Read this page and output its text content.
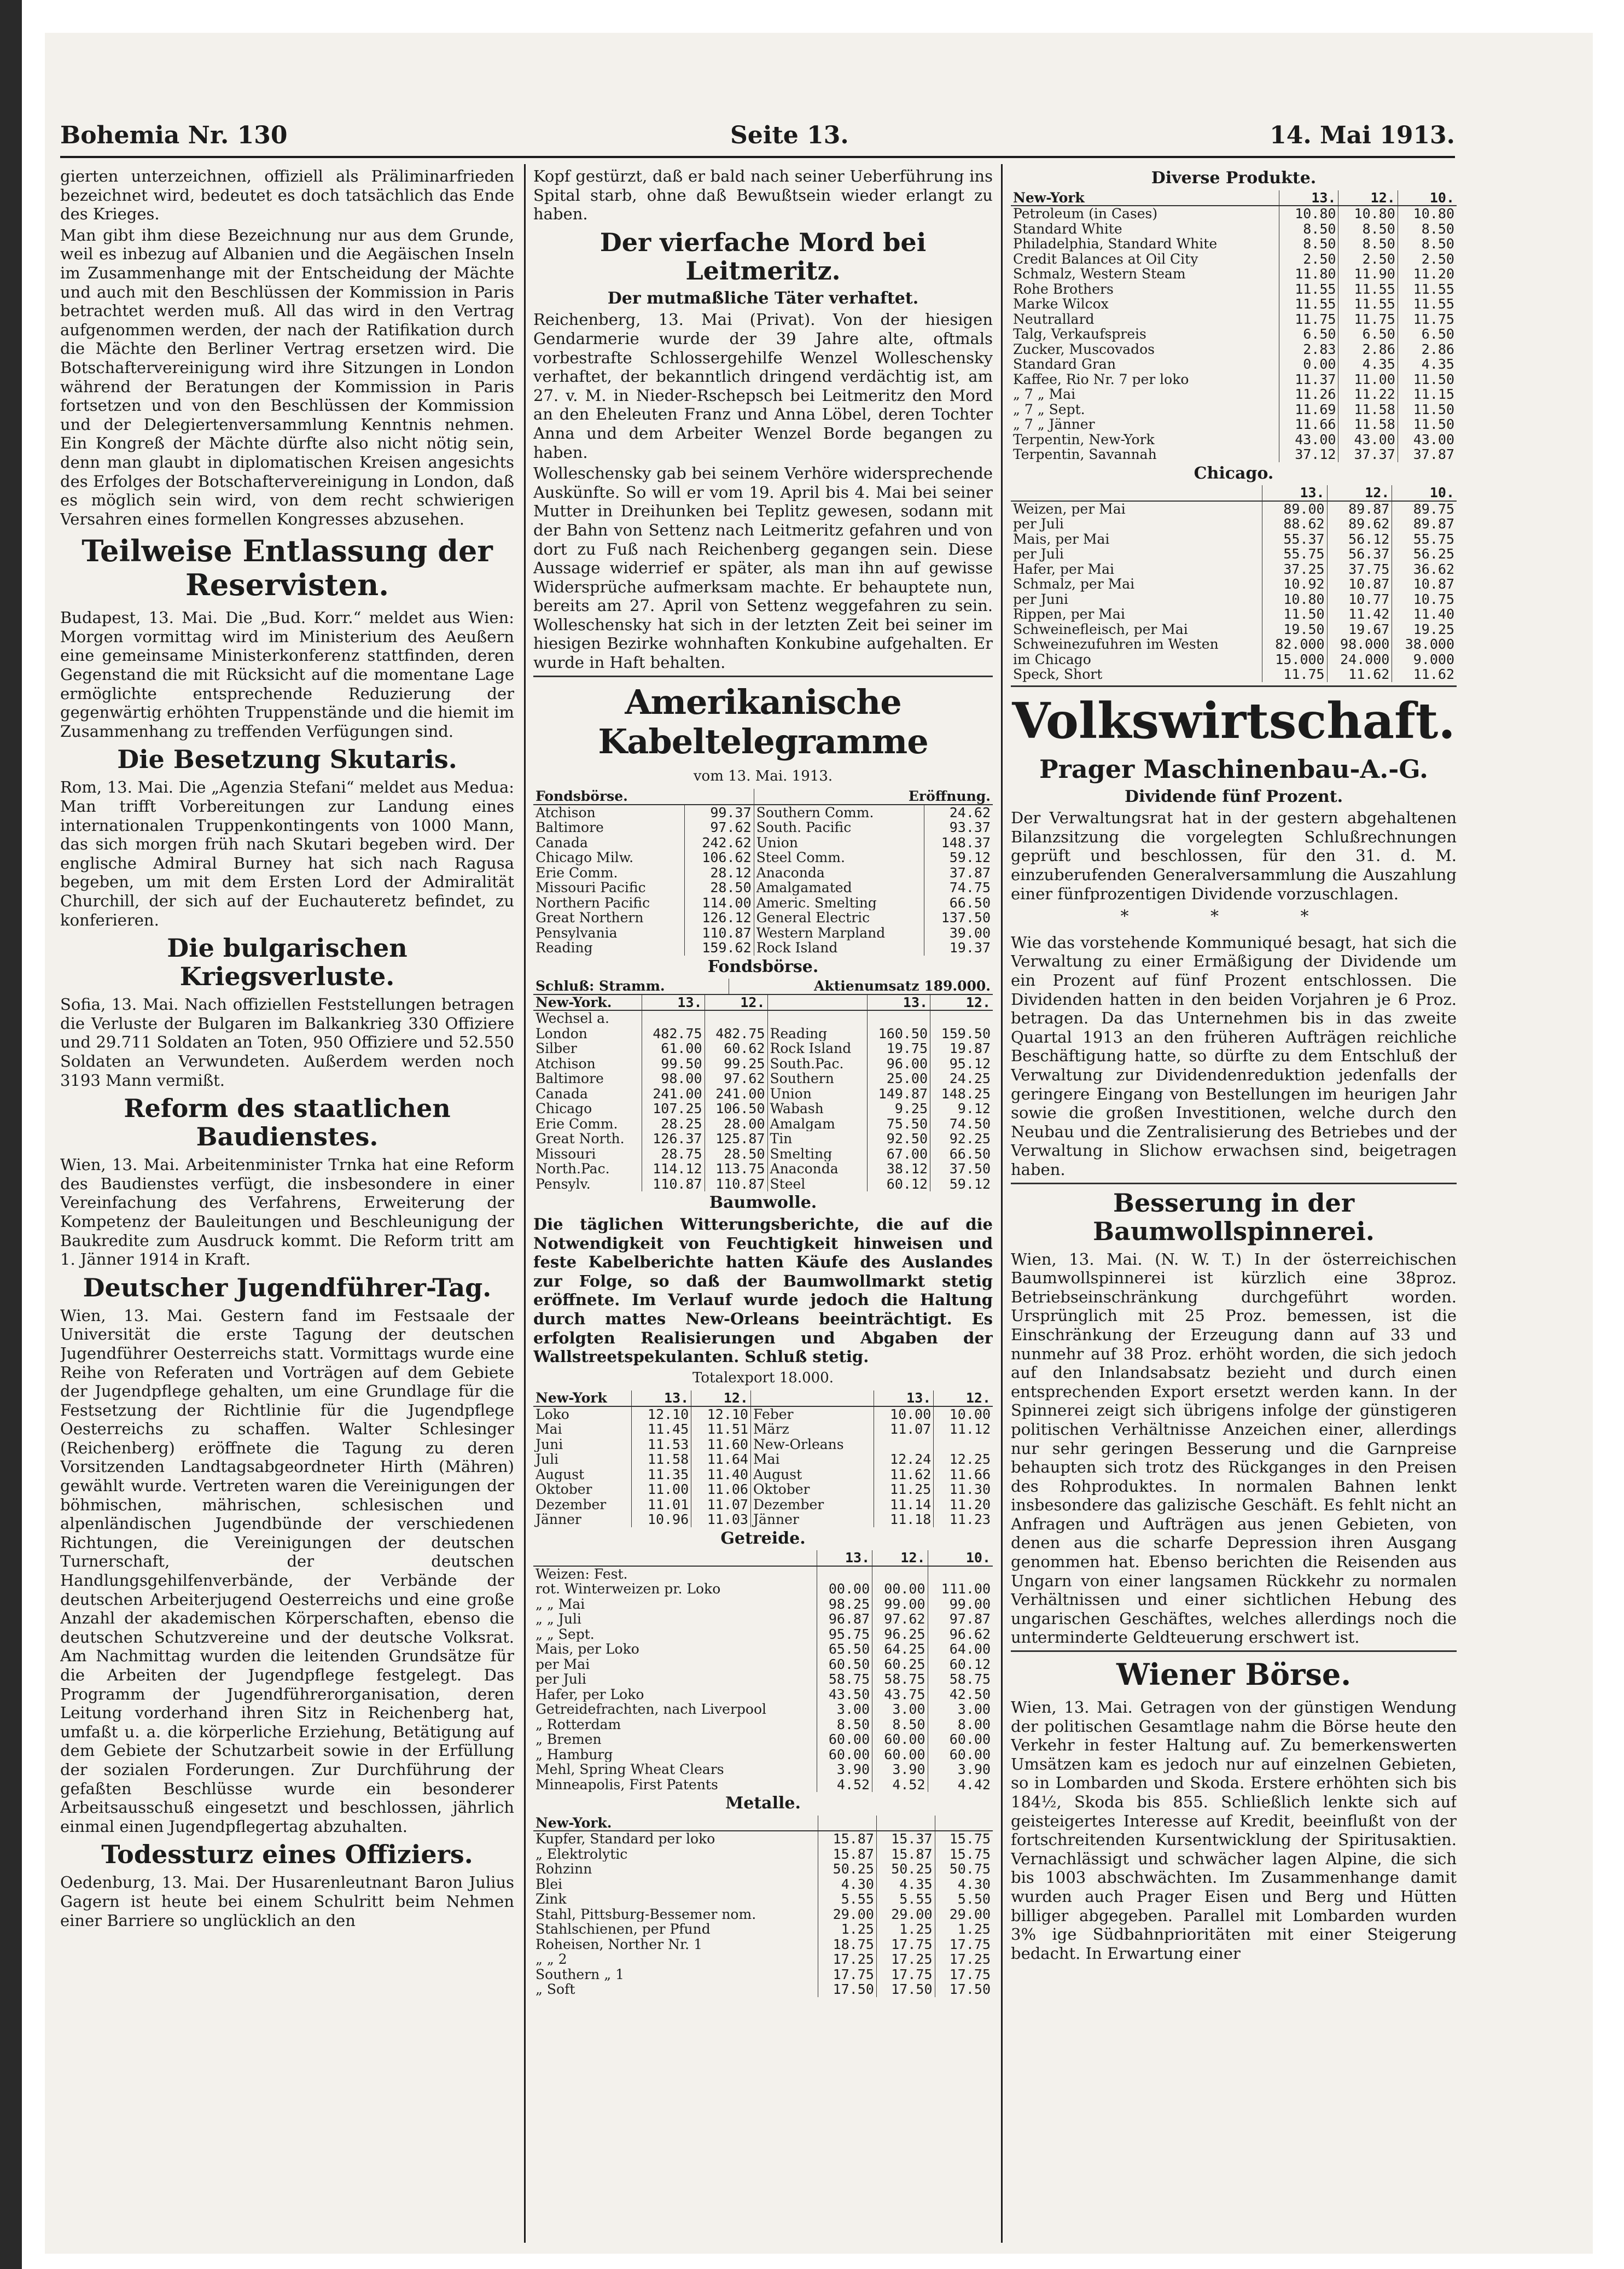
Bohemia Nr. 130	Seite 13.	14. Mai 1913.

gierten unterzeichnen, offiziell als Präliminarfrieden bezeichnet wird, bedeutet es doch tatsächlich das Ende des Krieges.

Man gibt ihm diese Bezeichnung nur aus dem Grunde, weil es inbezug auf Albanien und die Aegäischen Inseln im Zusammenhange mit der Entscheidung der Mächte und auch mit den Beschlüssen der Kommission in Paris betrachtet werden muß. All das wird in den Vertrag aufgenommen werden, der nach der Ratifikation durch die Mächte den Berliner Vertrag ersetzen wird. Die Botschaftervereinigung wird ihre Sitzungen in London während der Beratungen der Kommission in Paris fortsetzen und von den Beschlüssen der Kommission und der Delegiertenversammlung Kenntnis nehmen. Ein Kongreß der Mächte dürfte also nicht nötig sein, denn man glaubt in diplomatischen Kreisen angesichts des Erfolges der Botschaftervereinigung in London, daß es möglich sein wird, von dem recht schwierigen Versahren eines formellen Kongresses abzusehen.

Teilweise Entlassung der Reservisten.

Budapest, 13. Mai. Die „Bud. Korr.“ meldet aus Wien: Morgen vormittag wird im Ministerium des Aeußern eine gemeinsame Ministerkonferenz stattfinden, deren Gegenstand die mit Rücksicht auf die momentane Lage ermöglichte entsprechende Reduzierung der gegenwärtig erhöhten Truppenstände und die hiemit im Zusammenhang zu treffenden Verfügungen sind.

Die Besetzung Skutaris.

Rom, 13. Mai. Die „Agenzia Stefani“ meldet aus Medua: Man trifft Vorbereitungen zur Landung eines internationalen Truppenkontingents von 1000 Mann, das sich morgen früh nach Skutari begeben wird. Der englische Admiral Burney hat sich nach Ragusa begeben, um mit dem Ersten Lord der Admiralität Churchill, der sich auf der Euchauteretz befindet, zu konferieren.

Die bulgarischen Kriegsverluste.

Sofia, 13. Mai. Nach offiziellen Feststellungen betragen die Verluste der Bulgaren im Balkankrieg 330 Offiziere und 29.711 Soldaten an Toten, 950 Offiziere und 52.550 Soldaten an Verwundeten. Außerdem werden noch 3193 Mann vermißt.

Reform des staatlichen Baudienstes.

Wien, 13. Mai. Arbeitenminister Trnka hat eine Reform des Baudienstes verfügt, die insbesondere in einer Vereinfachung des Verfahrens, Erweiterung der Kompetenz der Bauleitungen und Beschleunigung der Baukredite zum Ausdruck kommt. Die Reform tritt am 1. Jänner 1914 in Kraft.

Deutscher Jugendführer-Tag.

Wien, 13. Mai. Gestern fand im Festsaale der Universität die erste Tagung der deutschen Jugendführer Oesterreichs statt. Vormittags wurde eine Reihe von Referaten und Vorträgen auf dem Gebiete der Jugendpflege gehalten, um eine Grundlage für die Festsetzung der Richtlinie für die Jugendpflege Oesterreichs zu schaffen. Walter Schlesinger (Reichenberg) eröffnete die Tagung zu deren Vorsitzenden Landtagsabgeordneter Hirth (Mähren) gewählt wurde. Vertreten waren die Vereinigungen der böhmischen, mährischen, schlesischen und alpenländischen Jugendbünde der verschiedenen Richtungen, die Vereinigungen der deutschen Turnerschaft, der deutschen Handlungsgehilfenverbände, der Verbände der deutschen Arbeiterjugend Oesterreichs und eine große Anzahl der akademischen Körperschaften, ebenso die deutschen Schutzvereine und der deutsche Volksrat. Am Nachmittag wurden die leitenden Grundsätze für die Arbeiten der Jugendpflege festgelegt. Das Programm der Jugendführerorganisation, deren Leitung vorderhand ihren Sitz in Reichenberg hat, umfaßt u. a. die körperliche Erziehung, Betätigung auf dem Gebiete der Schutzarbeit sowie in der Erfüllung der sozialen Forderungen. Zur Durchführung der gefaßten Beschlüsse wurde ein besonderer Arbeitsausschuß eingesetzt und beschlossen, jährlich einmal einen Jugendpflegertag abzuhalten.

Todessturz eines Offiziers.

Oedenburg, 13. Mai. Der Husarenleutnant Baron Julius Gagern ist heute bei einem Schulritt beim Nehmen einer Barriere so unglücklich an den

Kopf gestürzt, daß er bald nach seiner Ueberführung ins Spital starb, ohne daß Bewußtsein wieder erlangt zu haben.

Der vierfache Mord bei Leitmeritz.
Der mutmaßliche Täter verhaftet.

Reichenberg, 13. Mai (Privat). Von der hiesigen Gendarmerie wurde der 39 Jahre alte, oftmals vorbestrafte Schlossergehilfe Wenzel Wolleschensky verhaftet, der bekanntlich dringend verdächtig ist, am 27. v. M. in Nieder-Rschepsch bei Leitmeritz den Mord an den Eheleuten Franz und Anna Löbel, deren Tochter Anna und dem Arbeiter Wenzel Borde begangen zu haben.

Wolleschensky gab bei seinem Verhöre widersprechende Auskünfte. So will er vom 19. April bis 4. Mai bei seiner Mutter in Dreihunken bei Teplitz gewesen, sodann mit der Bahn von Settenz nach Leitmeritz gefahren und von dort zu Fuß nach Reichenberg gegangen sein. Diese Aussage widerrief er später, als man ihn auf gewisse Widersprüche aufmerksam machte. Er behauptete nun, bereits am 27. April von Settenz weggefahren zu sein. Wolleschensky hat sich in der letzten Zeit bei seiner im hiesigen Bezirke wohnhaften Konkubine aufgehalten. Er wurde in Haft behalten.

Amerikanische Kabeltelegramme
vom 13. Mai. 1913.
Fondsbörse.		Eröffnung.	
Atchison	99.37	Southern Comm.	24.62
Baltimore	97.62	South. Pacific	93.37
Canada	242.62	Union	148.37
Chicago Milw.	106.62	Steel Comm.	59.12
Erie Comm.	28.12	Anaconda	37.87
Missouri Pacific	28.50	Amalgamated	74.75
Northern Pacific	114.00	Americ. Smelting	66.50
Great Northern	126.12	General Electric	137.50
Pensylvania	110.87	Western Marpland	39.00
Reading	159.62	Rock Island	19.37
Fondsbörse.
Schluß: Stramm.	Aktienumsatz 189.000.
New-York.	13.	12.		13.	12.
Wechsel a.					
London	482.75	482.75	Reading	160.50	159.50
Silber	61.00	60.62	Rock Island	19.75	19.87
Atchison	99.50	99.25	South.Pac.	96.00	95.12
Baltimore	98.00	97.62	Southern	25.00	24.25
Canada	241.00	241.00	Union	149.87	148.25
Chicago	107.25	106.50	Wabash	9.25	9.12
Erie Comm.	28.25	28.00	Amalgam	75.50	74.50
Great North.	126.37	125.87	Tin	92.50	92.25
Missouri	28.75	28.50	Smelting	67.00	66.50
North.Pac.	114.12	113.75	Anaconda	38.12	37.50
Pensylv.	110.87	110.87	Steel	60.12	59.12
Baumwolle.

Die täglichen Witterungsberichte, die auf die Notwendigkeit von Feuchtigkeit hinweisen und feste Kabelberichte hatten Käufe des Auslandes zur Folge, so daß der Baumwollmarkt stetig eröffnete. Im Verlauf wurde jedoch die Haltung durch mattes New-Orleans beeinträchtigt. Es erfolgten Realisierungen und Abgaben der Wallstreetspekulanten. Schluß stetig.

Totalexport 18.000.
New-York	13.	12.		13.	12.
Loko	12.10	12.10	Feber	10.00	10.00
Mai	11.45	11.51	März	11.07	11.12
Juni	11.53	11.60	New-Orleans		
Juli	11.58	11.64	Mai	12.24	12.25
August	11.35	11.40	August	11.62	11.66
Oktober	11.00	11.06	Oktober	11.25	11.30
Dezember	11.01	11.07	Dezember	11.14	11.20
Jänner	10.96	11.03	Jänner	11.18	11.23
Getreide.
	13.	12.	10.
Weizen: Fest.			
rot. Winterweizen pr. Loko	00.00	00.00	111.00
„ „ Mai	98.25	99.00	99.00
„ „ Juli	96.87	97.62	97.87
„ „ Sept.	95.75	96.25	96.62
Mais, per Loko	65.50	64.25	64.00
per Mai	60.50	60.25	60.12
per Juli	58.75	58.75	58.75
Hafer, per Loko	43.50	43.75	42.50
Getreidefrachten, nach Liverpool	3.00	3.00	3.00
„ Rotterdam	8.50	8.50	8.00
„ Bremen	60.00	60.00	60.00
„ Hamburg	60.00	60.00	60.00
Mehl, Spring Wheat Clears	3.90	3.90	3.90
Minneapolis, First Patents	4.52	4.52	4.42
Metalle.
New-York.			
Kupfer, Standard per loko	15.87	15.37	15.75
„ Elektrolytic	15.87	15.87	15.75
Rohzinn	50.25	50.25	50.75
Blei	4.30	4.35	4.30
Zink	5.55	5.55	5.50
Stahl, Pittsburg-Bessemer nom.	29.00	29.00	29.00
Stahlschienen, per Pfund	1.25	1.25	1.25
Roheisen, Norther Nr. 1	18.75	17.75	17.75
„ „ 2	17.25	17.25	17.25
Southern „ 1	17.75	17.75	17.75
„ Soft	17.50	17.50	17.50
Diverse Produkte.
New-York	13.	12.	10.
Petroleum (in Cases)	10.80	10.80	10.80
Standard White	8.50	8.50	8.50
Philadelphia, Standard White	8.50	8.50	8.50
Credit Balances at Oil City	2.50	2.50	2.50
Schmalz, Western Steam	11.80	11.90	11.20
Rohe Brothers	11.55	11.55	11.55
Marke Wilcox	11.55	11.55	11.55
Neutrallard	11.75	11.75	11.75
Talg, Verkaufspreis	6.50	6.50	6.50
Zucker, Muscovados	2.83	2.86	2.86
Standard Gran	0.00	4.35	4.35
Kaffee, Rio Nr. 7 per loko	11.37	11.00	11.50
„ 7 „ Mai	11.26	11.22	11.15
„ 7 „ Sept.	11.69	11.58	11.50
„ 7 „ Jänner	11.66	11.58	11.50
Terpentin, New-York	43.00	43.00	43.00
Terpentin, Savannah	37.12	37.37	37.87
Chicago.
	13.	12.	10.
Weizen, per Mai	89.00	89.87	89.75
per Juli	88.62	89.62	89.87
Mais, per Mai	55.37	56.12	55.75
per Juli	55.75	56.37	56.25
Hafer, per Mai	37.25	37.75	36.62
Schmalz, per Mai	10.92	10.87	10.87
per Juni	10.80	10.77	10.75
Rippen, per Mai	11.50	11.42	11.40
Schweinefleisch, per Mai	19.50	19.67	19.25
Schweinezufuhren im Westen	82.000	98.000	38.000
im Chicago	15.000	24.000	9.000
Speck, Short	11.75	11.62	11.62
Volkswirtschaft.
Prager Maschinenbau-A.-G.
Dividende fünf Prozent.

Der Verwaltungsrat hat in der gestern abgehaltenen Bilanzsitzung die vorgelegten Schlußrechnungen geprüft und beschlossen, für den 31. d. M. einzuberufenden Generalversammlung die Auszahlung einer fünfprozentigen Dividende vorzuschlagen.

* * *

Wie das vorstehende Kommuniqué besagt, hat sich die Verwaltung zu einer Ermäßigung der Dividende um ein Prozent auf fünf Prozent entschlossen. Die Dividenden hatten in den beiden Vorjahren je 6 Proz. betragen. Da das Unternehmen bis in das zweite Quartal 1913 an den früheren Aufträgen reichliche Beschäftigung hatte, so dürfte zu dem Entschluß der Verwaltung zur Dividendenreduktion jedenfalls der geringere Eingang von Bestellungen im heurigen Jahr sowie die großen Investitionen, welche durch den Neubau und die Zentralisierung des Betriebes und der Verwaltung in Slichow erwachsen sind, beigetragen haben.

Besserung in der Baumwollspinnerei.

Wien, 13. Mai. (N. W. T.) In der österreichischen Baumwollspinnerei ist kürzlich eine 38proz. Betriebseinschränkung durchgeführt worden. Ursprünglich mit 25 Proz. bemessen, ist die Einschränkung der Erzeugung dann auf 33 und nunmehr auf 38 Proz. erhöht worden, die sich jedoch auf den Inlandsabsatz bezieht und durch einen entsprechenden Export ersetzt werden kann. In der Spinnerei zeigt sich übrigens infolge der günstigeren politischen Verhältnisse Anzeichen einer, allerdings nur sehr geringen Besserung und die Garnpreise behaupten sich trotz des Rückganges in den Preisen des Rohproduktes. In normalen Bahnen lenkt insbesondere das galizische Geschäft. Es fehlt nicht an Anfragen und Aufträgen aus jenen Gebieten, von denen aus die scharfe Depression ihren Ausgang genommen hat. Ebenso berichten die Reisenden aus Ungarn von einer langsamen Rückkehr zu normalen Verhältnissen und einer sichtlichen Hebung des ungarischen Geschäftes, welches allerdings noch die unterminderte Geldteuerung erschwert ist.

Wiener Börse.

Wien, 13. Mai. Getragen von der günstigen Wendung der politischen Gesamtlage nahm die Börse heute den Verkehr in fester Haltung auf. Zu bemerkenswerten Umsätzen kam es jedoch nur auf einzelnen Gebieten, so in Lombarden und Skoda. Erstere erhöhten sich bis 184½, Skoda bis 855. Schließlich lenkte sich auf geisteigertes Interesse auf Kredit, beeinflußt von der fortschreitenden Kursentwicklung der Spiritusaktien. Vernachlässigt und schwächer lagen Alpine, die sich bis 1003 abschwächten. Im Zusammenhange damit wurden auch Prager Eisen und Berg und Hütten billiger abgegeben. Parallel mit Lombarden wurden 3% ige Südbahnprioritäten mit einer Steigerung bedacht. In Erwartung einer
